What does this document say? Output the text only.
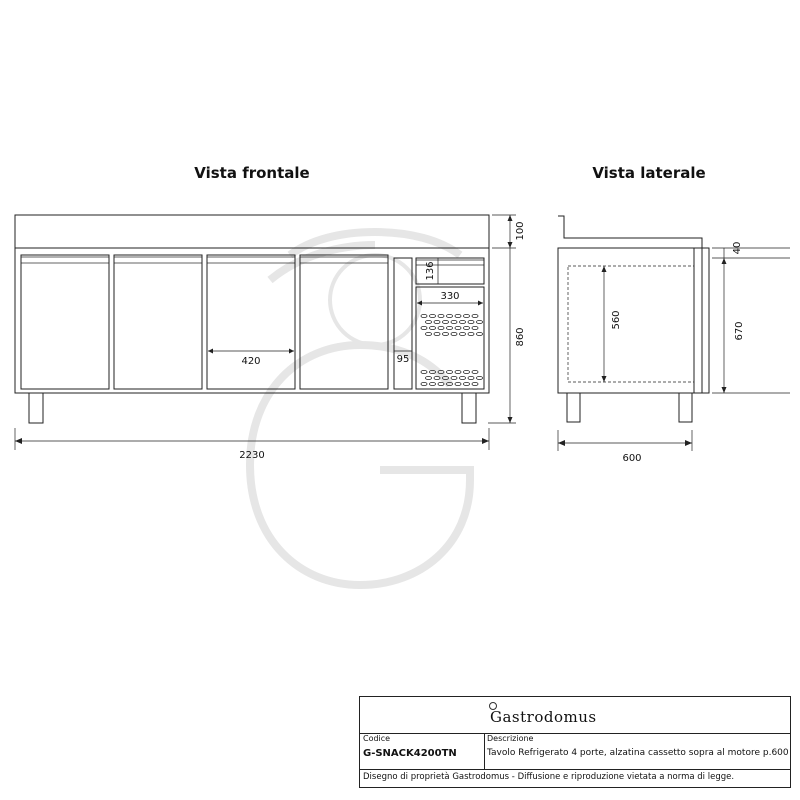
Vista frontale	Vista laterale
420	95
330
136
2230
100
860
560
600
40
670
Gastrodomus
Codice
G-SNACK4200TN
Descrizione
Tavolo Refrigerato 4 porte, alzatina cassetto sopra al motore p.600
Disegno di proprietà Gastrodomus - Diffusione e riproduzione vietata a norma di legge.
